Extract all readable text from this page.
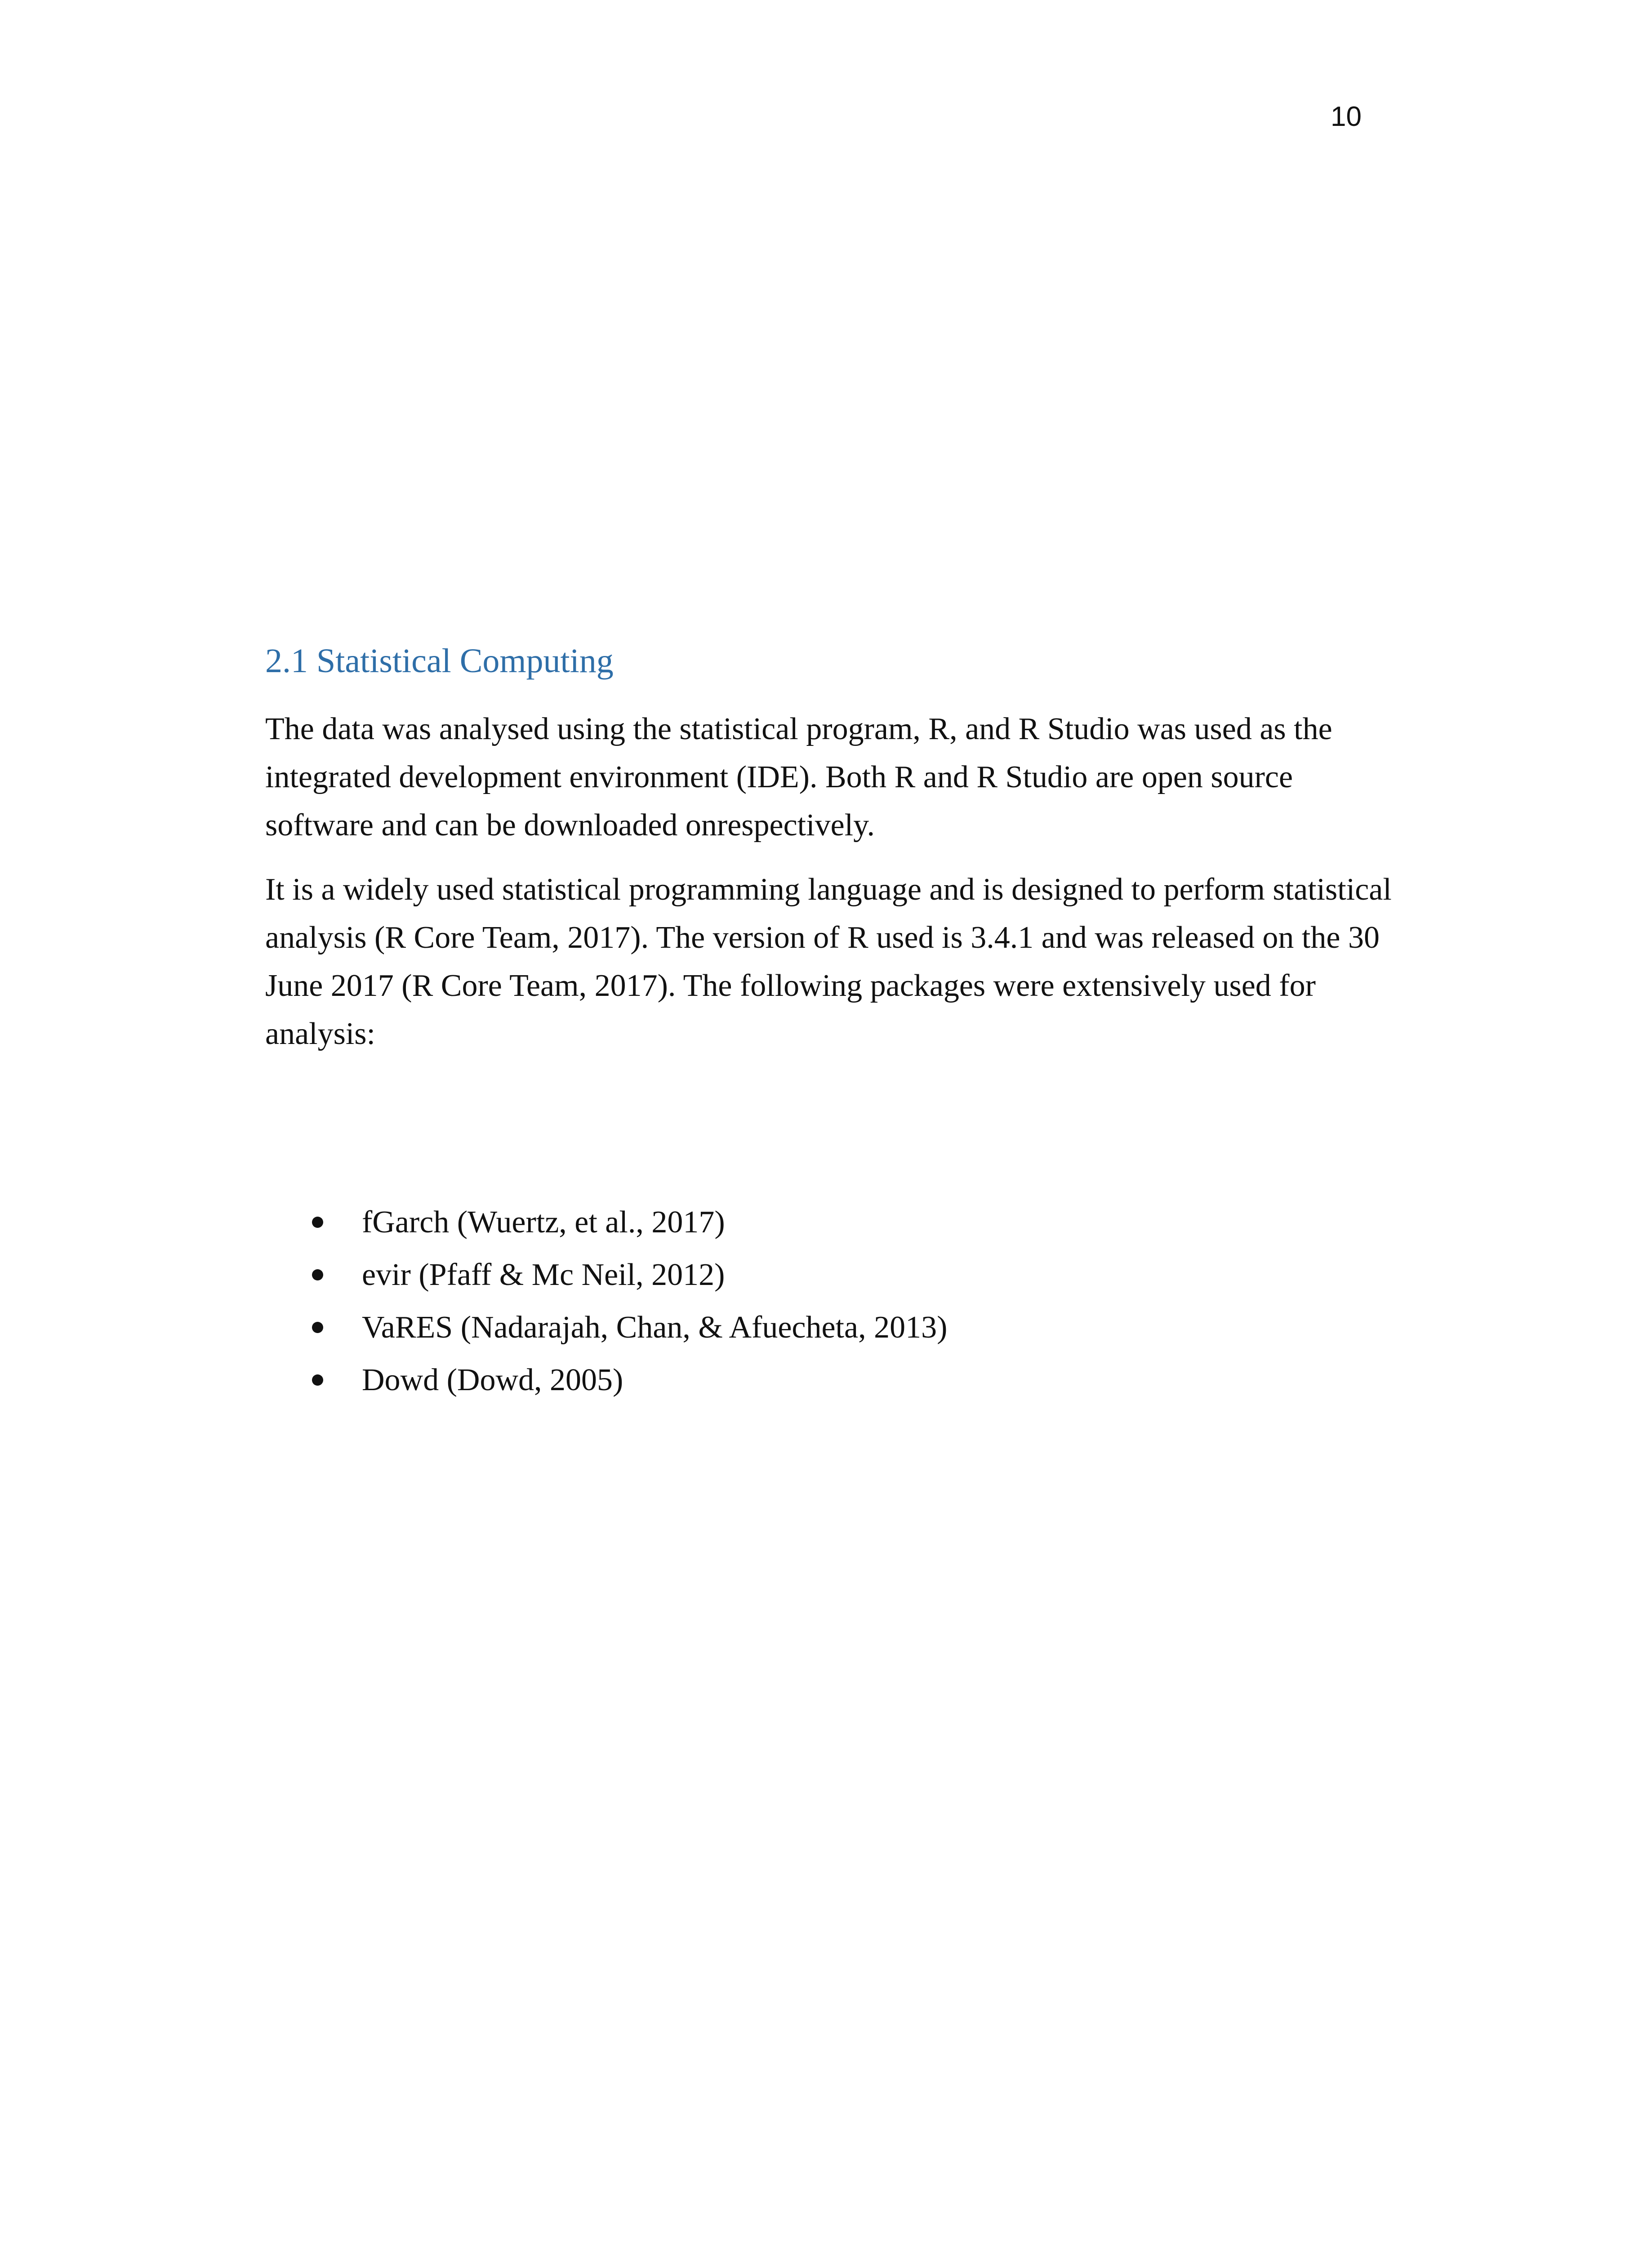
10
2.1 Statistical Computing

The data was analysed using the statistical program, R, and R Studio was used as the integrated development environment (IDE). Both R and R Studio are open source software and can be downloaded onrespectively.

It is a widely used statistical programming language and is designed to perform statistical analysis (R Core Team, 2017). The version of R used is 3.4.1 and was released on the 30 June 2017 (R Core Team, 2017). The following packages were extensively used for analysis:

fGarch (Wuertz, et al., 2017)
evir (Pfaff & Mc Neil, 2012)
VaRES (Nadarajah, Chan, & Afuecheta, 2013)
Dowd (Dowd, 2005)
